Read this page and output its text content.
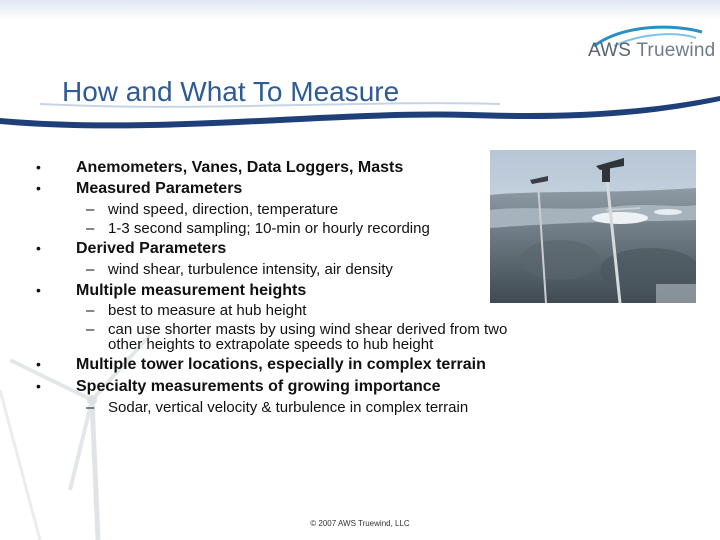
AWS Truewind
How and What To Measure
• Anemometers, Vanes, Data Loggers, Masts
• Measured Parameters
– wind speed, direction, temperature
– 1-3 second sampling; 10-min or hourly recording
• Derived Parameters
– wind shear, turbulence intensity, air density
• Multiple measurement heights
– best to measure at hub height
– can use shorter masts by using wind shear derived from two
other heights to extrapolate speeds to hub height
• Multiple tower locations, especially in complex terrain
• Specialty measurements of growing importance
– Sodar, vertical velocity & turbulence in complex terrain
© 2007 AWS Truewind, LLC
